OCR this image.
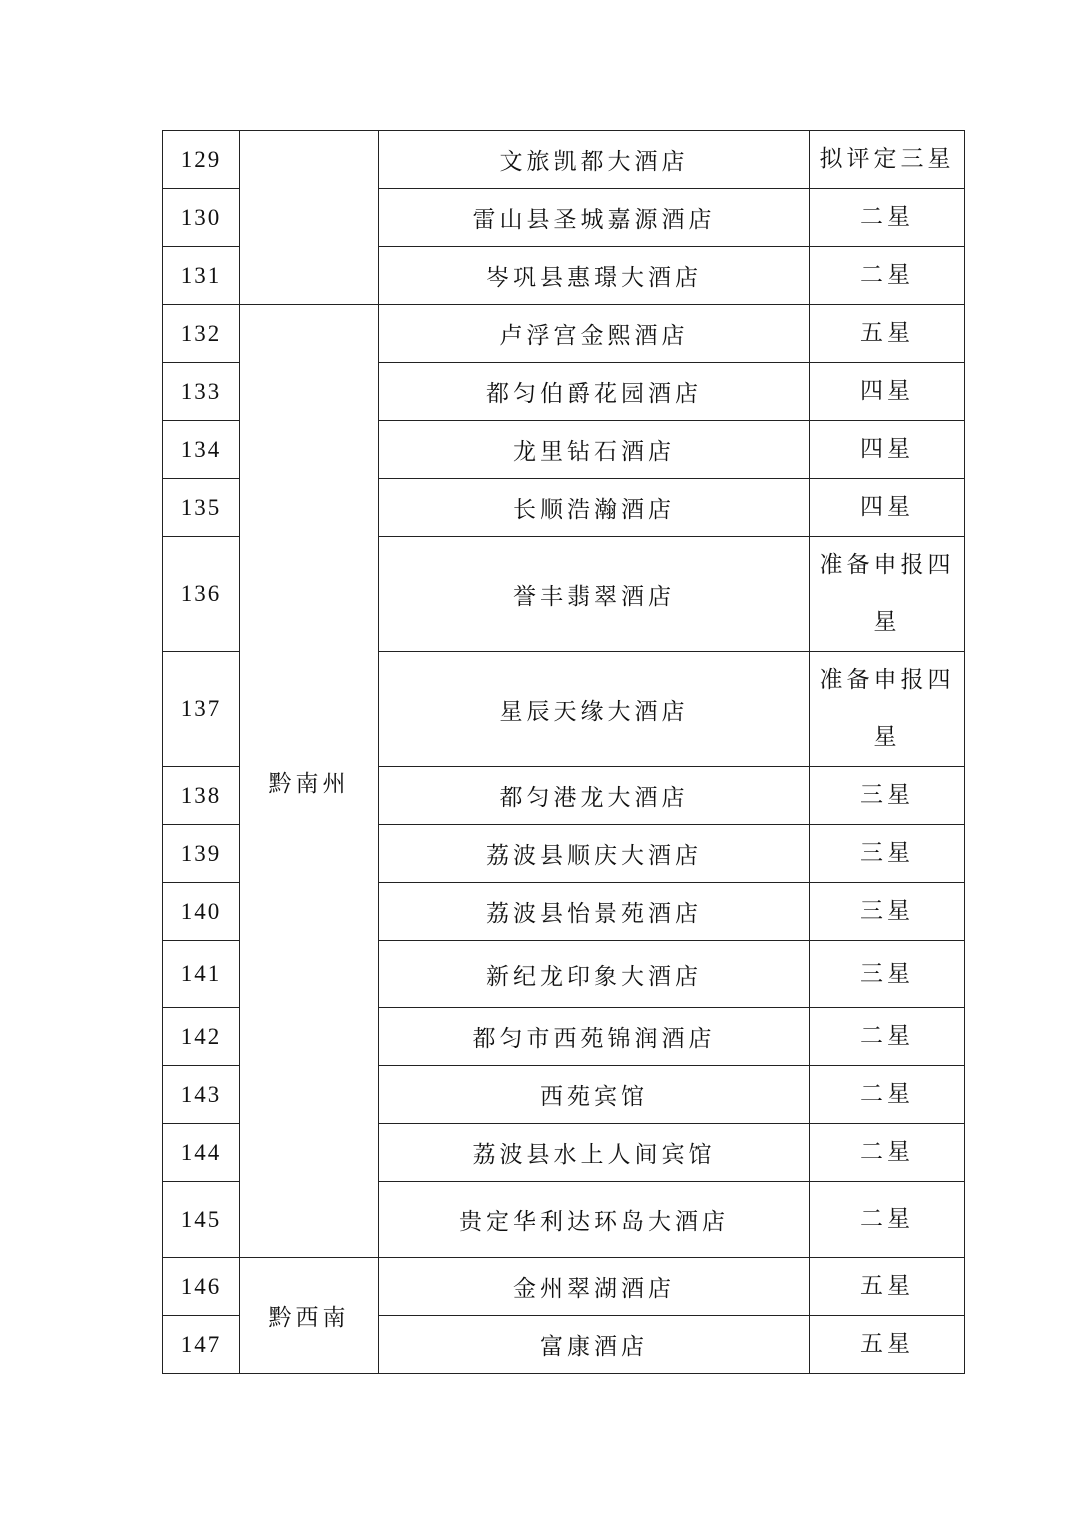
129		文旅凯都大酒店	拟评定三星
130		雷山县圣城嘉源酒店	二星
131		岑巩县惠璟大酒店	二星
132	黔南州	卢浮宫金熙酒店	五星
133		都匀伯爵花园酒店	四星
134		龙里钻石酒店	四星
135		长顺浩瀚酒店	四星
136		誉丰翡翠酒店	准备申报四星
137		星辰天缘大酒店	准备申报四星
138		都匀港龙大酒店	三星
139		荔波县顺庆大酒店	三星
140		荔波县怡景苑酒店	三星
141		新纪龙印象大酒店	三星
142		都匀市西苑锦润酒店	二星
143		西苑宾馆	二星
144		荔波县水上人间宾馆	二星
145		贵定华利达环岛大酒店	二星
146	黔西南	金州翠湖酒店	五星
147		富康酒店	五星
